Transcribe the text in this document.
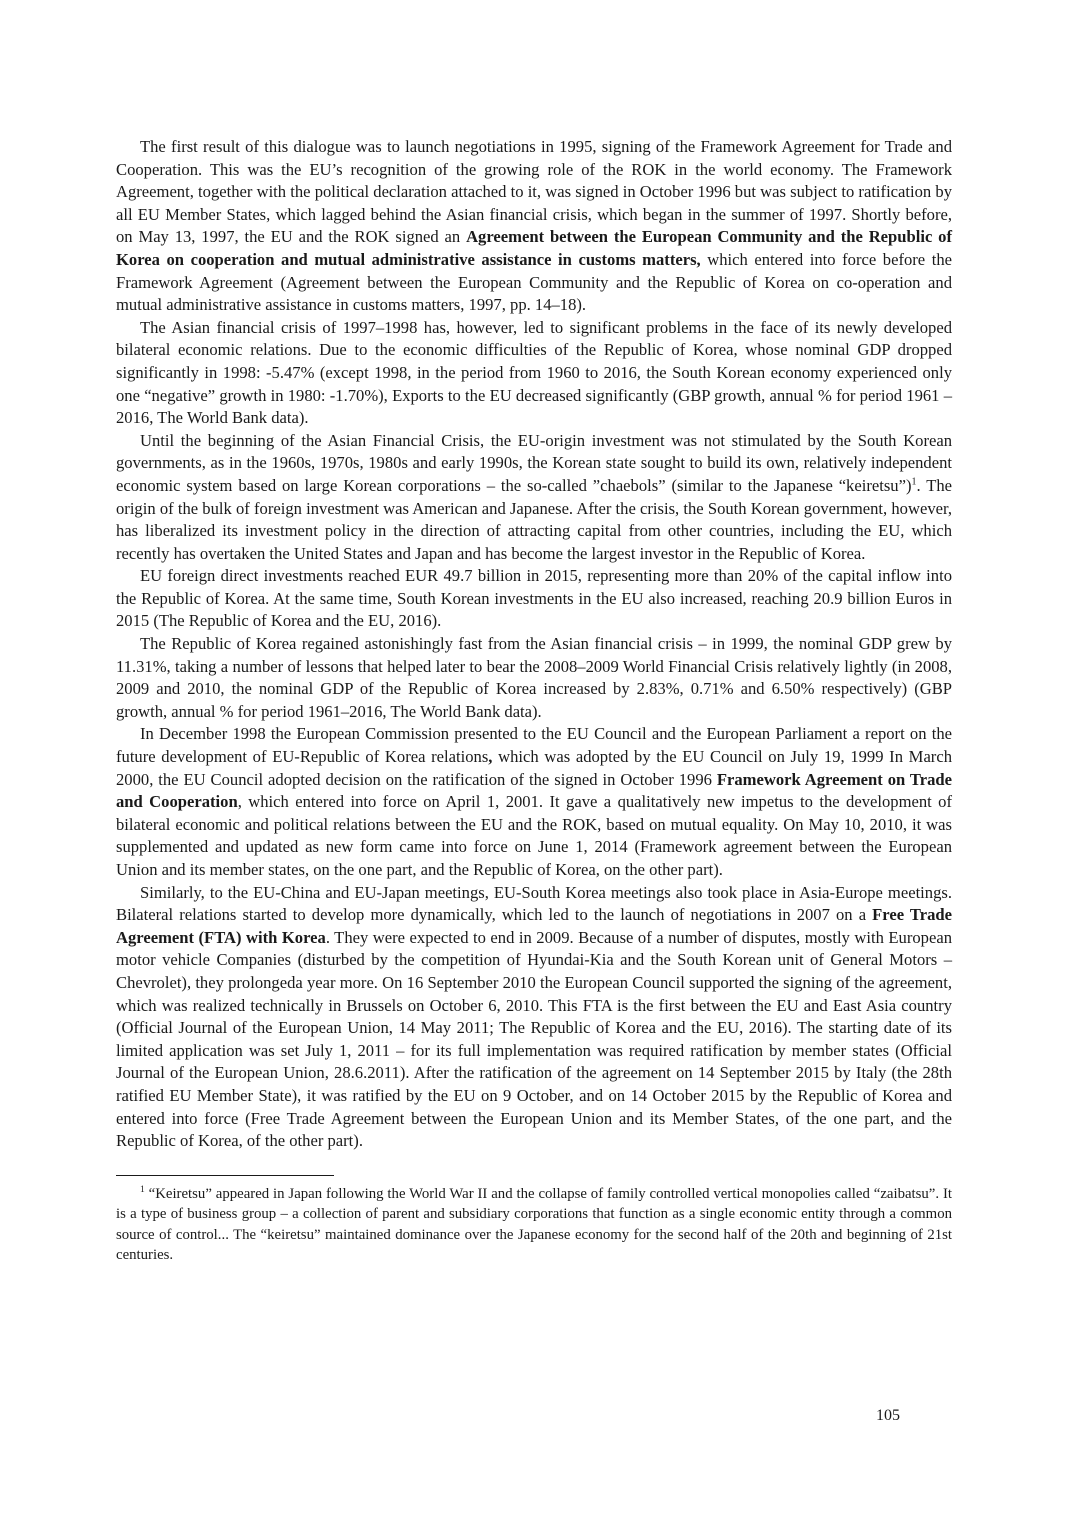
The first result of this dialogue was to launch negotiations in 1995, signing of the Framework Agreement for Trade and Cooperation. This was the EU’s recognition of the growing role of the ROK in the world economy. The Framework Agreement, together with the political declaration attached to it, was signed in October 1996 but was subject to ratification by all EU Member States, which lagged behind the Asian financial crisis, which began in the summer of 1997. Shortly before, on May 13, 1997, the EU and the ROK signed an Agreement between the European Community and the Republic of Korea on cooperation and mutual administrative assistance in customs matters, which entered into force before the Framework Agreement (Agreement between the European Community and the Republic of Korea on co-operation and mutual administrative assistance in customs matters, 1997, pp. 14–18).

The Asian financial crisis of 1997–1998 has, however, led to significant problems in the face of its newly developed bilateral economic relations. Due to the economic difficulties of the Republic of Korea, whose nominal GDP dropped significantly in 1998: -5.47% (except 1998, in the period from 1960 to 2016, the South Korean economy experienced only one “negative” growth in 1980: -1.70%), Exports to the EU decreased significantly (GBP growth, annual % for period 1961 – 2016, The World Bank data).

Until the beginning of the Asian Financial Crisis, the EU-origin investment was not stimulated by the South Korean governments, as in the 1960s, 1970s, 1980s and early 1990s, the Korean state sought to build its own, relatively independent economic system based on large Korean corporations – the so-called ”chaebols” (similar to the Japanese “keiretsu”)$^1$. The origin of the bulk of foreign investment was American and Japanese. After the crisis, the South Korean government, however, has liberalized its investment policy in the direction of attracting capital from other countries, including the EU, which recently has overtaken the United States and Japan and has become the largest investor in the Republic of Korea.

EU foreign direct investments reached EUR 49.7 billion in 2015, representing more than 20% of the capital inflow into the Republic of Korea. At the same time, South Korean investments in the EU also increased, reaching 20.9 billion Euros in 2015 (The Republic of Korea and the EU, 2016).

The Republic of Korea regained astonishingly fast from the Asian financial crisis – in 1999, the nominal GDP grew by 11.31%, taking a number of lessons that helped later to bear the 2008–2009 World Financial Crisis relatively lightly (in 2008, 2009 and 2010, the nominal GDP of the Republic of Korea increased by 2.83%, 0.71% and 6.50% respectively) (GBP growth, annual % for period 1961–2016, The World Bank data).

In December 1998 the European Commission presented to the EU Council and the European Parliament a report on the future development of EU-Republic of Korea relations, which was adopted by the EU Council on July 19, 1999 In March 2000, the EU Council adopted decision on the ratification of the signed in October 1996 Framework Agreement on Trade and Cooperation, which entered into force on April 1, 2001. It gave a qualitatively new impetus to the development of bilateral economic and political relations between the EU and the ROK, based on mutual equality. On May 10, 2010, it was supplemented and updated as new form came into force on June 1, 2014 (Framework agreement between the European Union and its member states, on the one part, and the Republic of Korea, on the other part).

Similarly, to the EU-China and EU-Japan meetings, EU-South Korea meetings also took place in Asia-Europe meetings. Bilateral relations started to develop more dynamically, which led to the launch of negotiations in 2007 on a Free Trade Agreement (FTA) with Korea. They were expected to end in 2009. Because of a number of disputes, mostly with European motor vehicle Companies (disturbed by the competition of Hyundai-Kia and the South Korean unit of General Motors – Chevrolet), they prolongeda year more. On 16 September 2010 the European Council supported the signing of the agreement, which was realized technically in Brussels on October 6, 2010. This FTA is the first between the EU and East Asia country (Official Journal of the European Union, 14 May 2011; The Republic of Korea and the EU, 2016). The starting date of its limited application was set July 1, 2011 – for its full implementation was required ratification by member states (Official Journal of the European Union, 28.6.2011). After the ratification of the agreement on 14 September 2015 by Italy (the 28th ratified EU Member State), it was ratified by the EU on 9 October, and on 14 October 2015 by the Republic of Korea and entered into force (Free Trade Agreement between the European Union and its Member States, of the one part, and the Republic of Korea, of the other part).

$^1$ “Keiretsu” appeared in Japan following the World War II and the collapse of family controlled vertical monopolies called “zaibatsu”. It is a type of business group – a collection of parent and subsidiary corporations that function as a single economic entity through a common source of control... The “keiretsu” maintained dominance over the Japanese economy for the second half of the 20th and beginning of 21st centuries.

105
